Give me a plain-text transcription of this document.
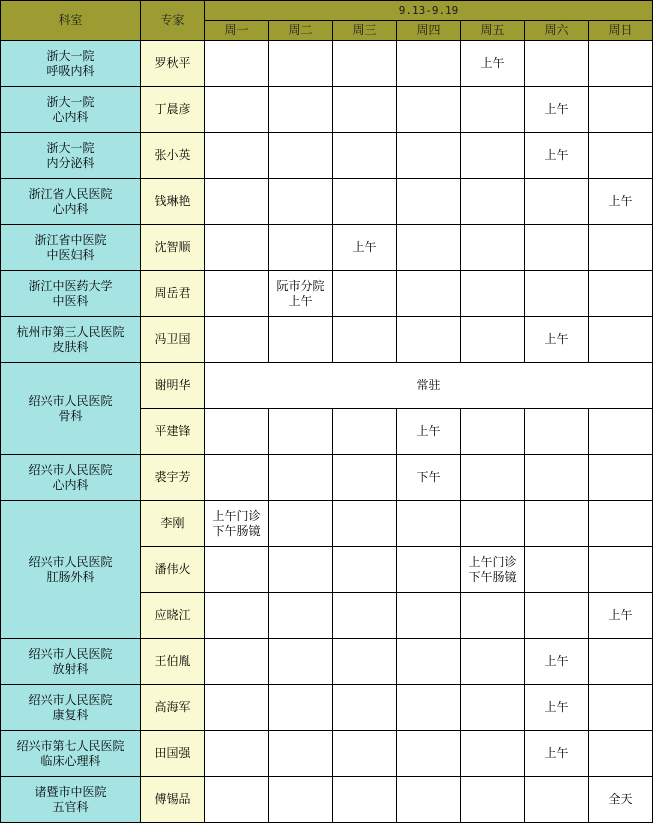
科室	专家	9.13-9.19						
		周一	周二	周三	周四	周五	周六	周日

浙大一院
呼吸内科	罗秋平					上午		

浙大一院
心内科	丁晨彦						上午	

浙大一院
内分泌科	张小英						上午	

浙江省人民医院
心内科	钱琳艳							上午

浙江省中医院
中医妇科	沈智顺			上午				

浙江中医药大学
中医科	周岳君		阮市分院
上午					

杭州市第三人民医院
皮肤科	冯卫国						上午	

绍兴市人民医院
骨科	谢明华	常驻						
	平建锋				上午			

绍兴市人民医院
心内科	裘宇芳				下午			

绍兴市人民医院
肛肠外科	李刚	上午门诊
下午肠镜						

	潘伟火					上午门诊
下午肠镜		

	应晓江							上午

绍兴市人民医院
放射科	王伯胤						上午	

绍兴市人民医院
康复科	高海军						上午	

绍兴市第七人民医院
临床心理科	田国强						上午	

诸暨市中医院
五官科	傅锡品							全天
